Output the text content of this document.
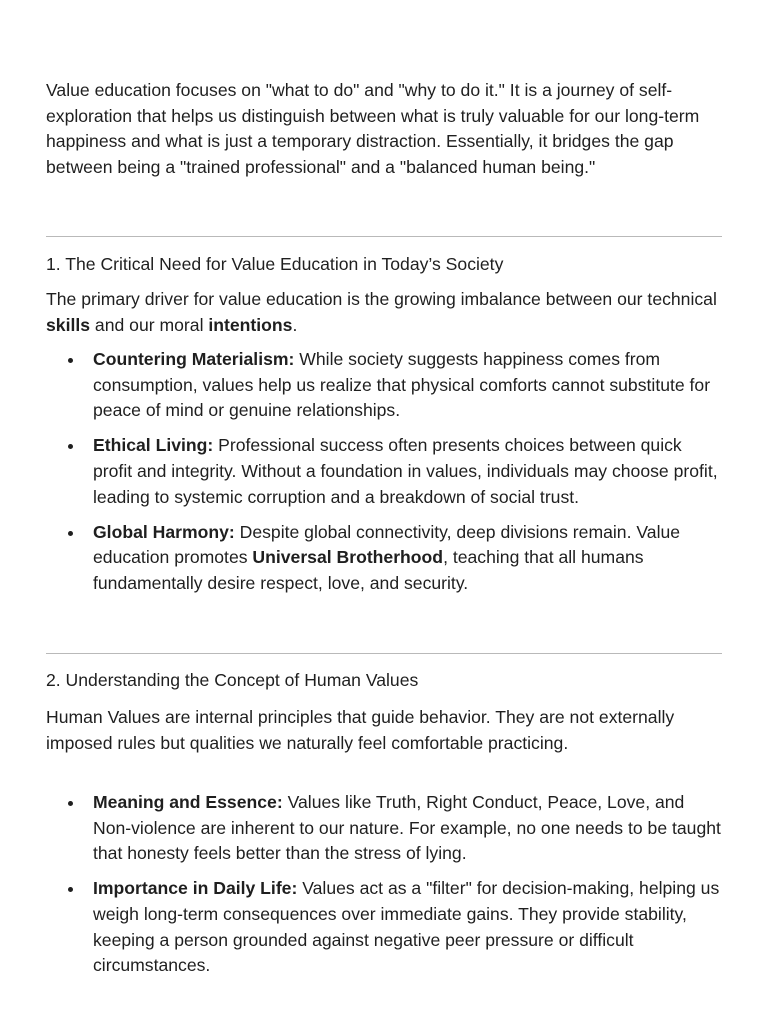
Value education focuses on "what to do" and "why to do it." It is a journey of self-exploration that helps us distinguish between what is truly valuable for our long-term happiness and what is just a temporary distraction. Essentially, it bridges the gap between being a "trained professional" and a "balanced human being."

1. The Critical Need for Value Education in Today’s Society

The primary driver for value education is the growing imbalance between our technical skills and our moral intentions.

Countering Materialism: While society suggests happiness comes from consumption, values help us realize that physical comforts cannot substitute for peace of mind or genuine relationships.
Ethical Living: Professional success often presents choices between quick profit and integrity. Without a foundation in values, individuals may choose profit, leading to systemic corruption and a breakdown of social trust.
Global Harmony: Despite global connectivity, deep divisions remain. Value education promotes Universal Brotherhood, teaching that all humans fundamentally desire respect, love, and security.

2. Understanding the Concept of Human Values

Human Values are internal principles that guide behavior. They are not externally imposed rules but qualities we naturally feel comfortable practicing.

Meaning and Essence: Values like Truth, Right Conduct, Peace, Love, and Non-violence are inherent to our nature. For example, no one needs to be taught that honesty feels better than the stress of lying.
Importance in Daily Life: Values act as a "filter" for decision-making, helping us weigh long-term consequences over immediate gains. They provide stability, keeping a person grounded against negative peer pressure or difficult circumstances.
